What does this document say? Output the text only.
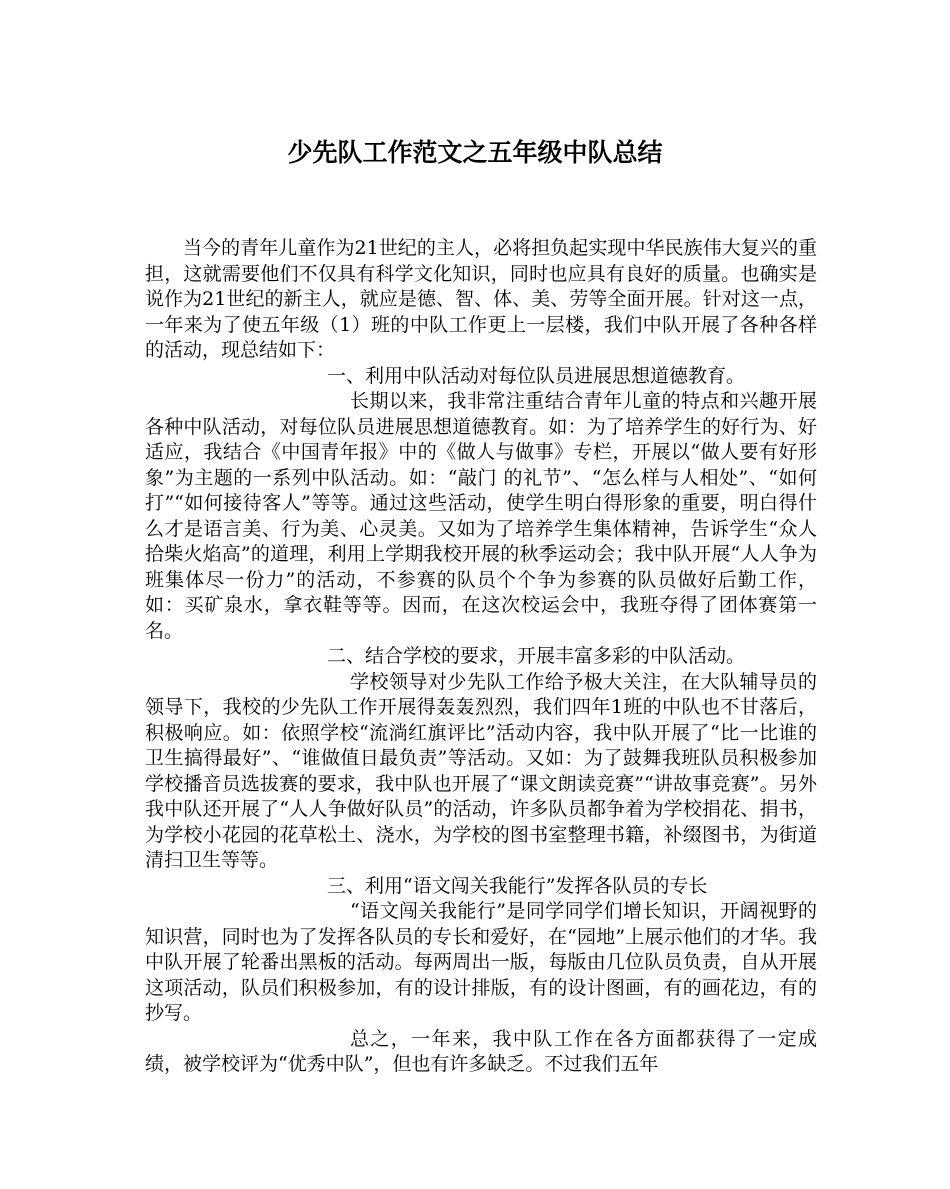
少先队工作范文之五年级中队总结

当今的青年儿童作为21世纪的主人，必将担负起实现中华民族伟大复兴的重担，这就需要他们不仅具有科学文化知识，同时也应具有良好的质量。也确实是说作为21世纪的新主人，就应是德、智、体、美、劳等全面开展。针对这一点，一年来为了使五年级（1）班的中队工作更上一层楼，我们中队开展了各种各样的活动，现总结如下：

一、利用中队活动对每位队员进展思想道德教育。

长期以来，我非常注重结合青年儿童的特点和兴趣开展各种中队活动，对每位队员进展思想道德教育。如：为了培养学生的好行为、好适应，我结合《中国青年报》中的《做人与做事》专栏，开展以“做人要有好形象”为主题的一系列中队活动。如：“敲门 的礼节”、“怎么样与人相处”、“如何打”“如何接待客人”等等。通过这些活动，使学生明白得形象的重要，明白得什么才是语言美、行为美、心灵美。又如为了培养学生集体精神，告诉学生“众人拾柴火焰高”的道理，利用上学期我校开展的秋季运动会；我中队开展“人人争为班集体尽一份力”的活动，不参赛的队员个个争为参赛的队员做好后勤工作，如：买矿泉水，拿衣鞋等等。因而，在这次校运会中，我班夺得了团体赛第一名。

二、结合学校的要求，开展丰富多彩的中队活动。

学校领导对少先队工作给予极大关注，在大队辅导员的领导下，我校的少先队工作开展得轰轰烈烈，我们四年1班的中队也不甘落后，积极响应。如：依照学校“流淌红旗评比”活动内容，我中队开展了“比一比谁的卫生搞得最好”、“谁做值日最负责”等活动。又如：为了鼓舞我班队员积极参加学校播音员选拔赛的要求，我中队也开展了“课文朗读竞赛”“讲故事竞赛”。另外我中队还开展了“人人争做好队员”的活动，许多队员都争着为学校捐花、捐书，为学校小花园的花草松土、浇水，为学校的图书室整理书籍，补缀图书，为街道清扫卫生等等。

三、利用“语文闯关我能行”发挥各队员的专长

“语文闯关我能行”是同学同学们增长知识，开阔视野的知识营，同时也为了发挥各队员的专长和爱好，在“园地”上展示他们的才华。我中队开展了轮番出黑板的活动。每两周出一版，每版由几位队员负责，自从开展这项活动，队员们积极参加，有的设计排版，有的设计图画，有的画花边，有的抄写。

总之，一年来，我中队工作在各方面都获得了一定成绩，被学校评为“优秀中队”，但也有许多缺乏。不过我们五年
